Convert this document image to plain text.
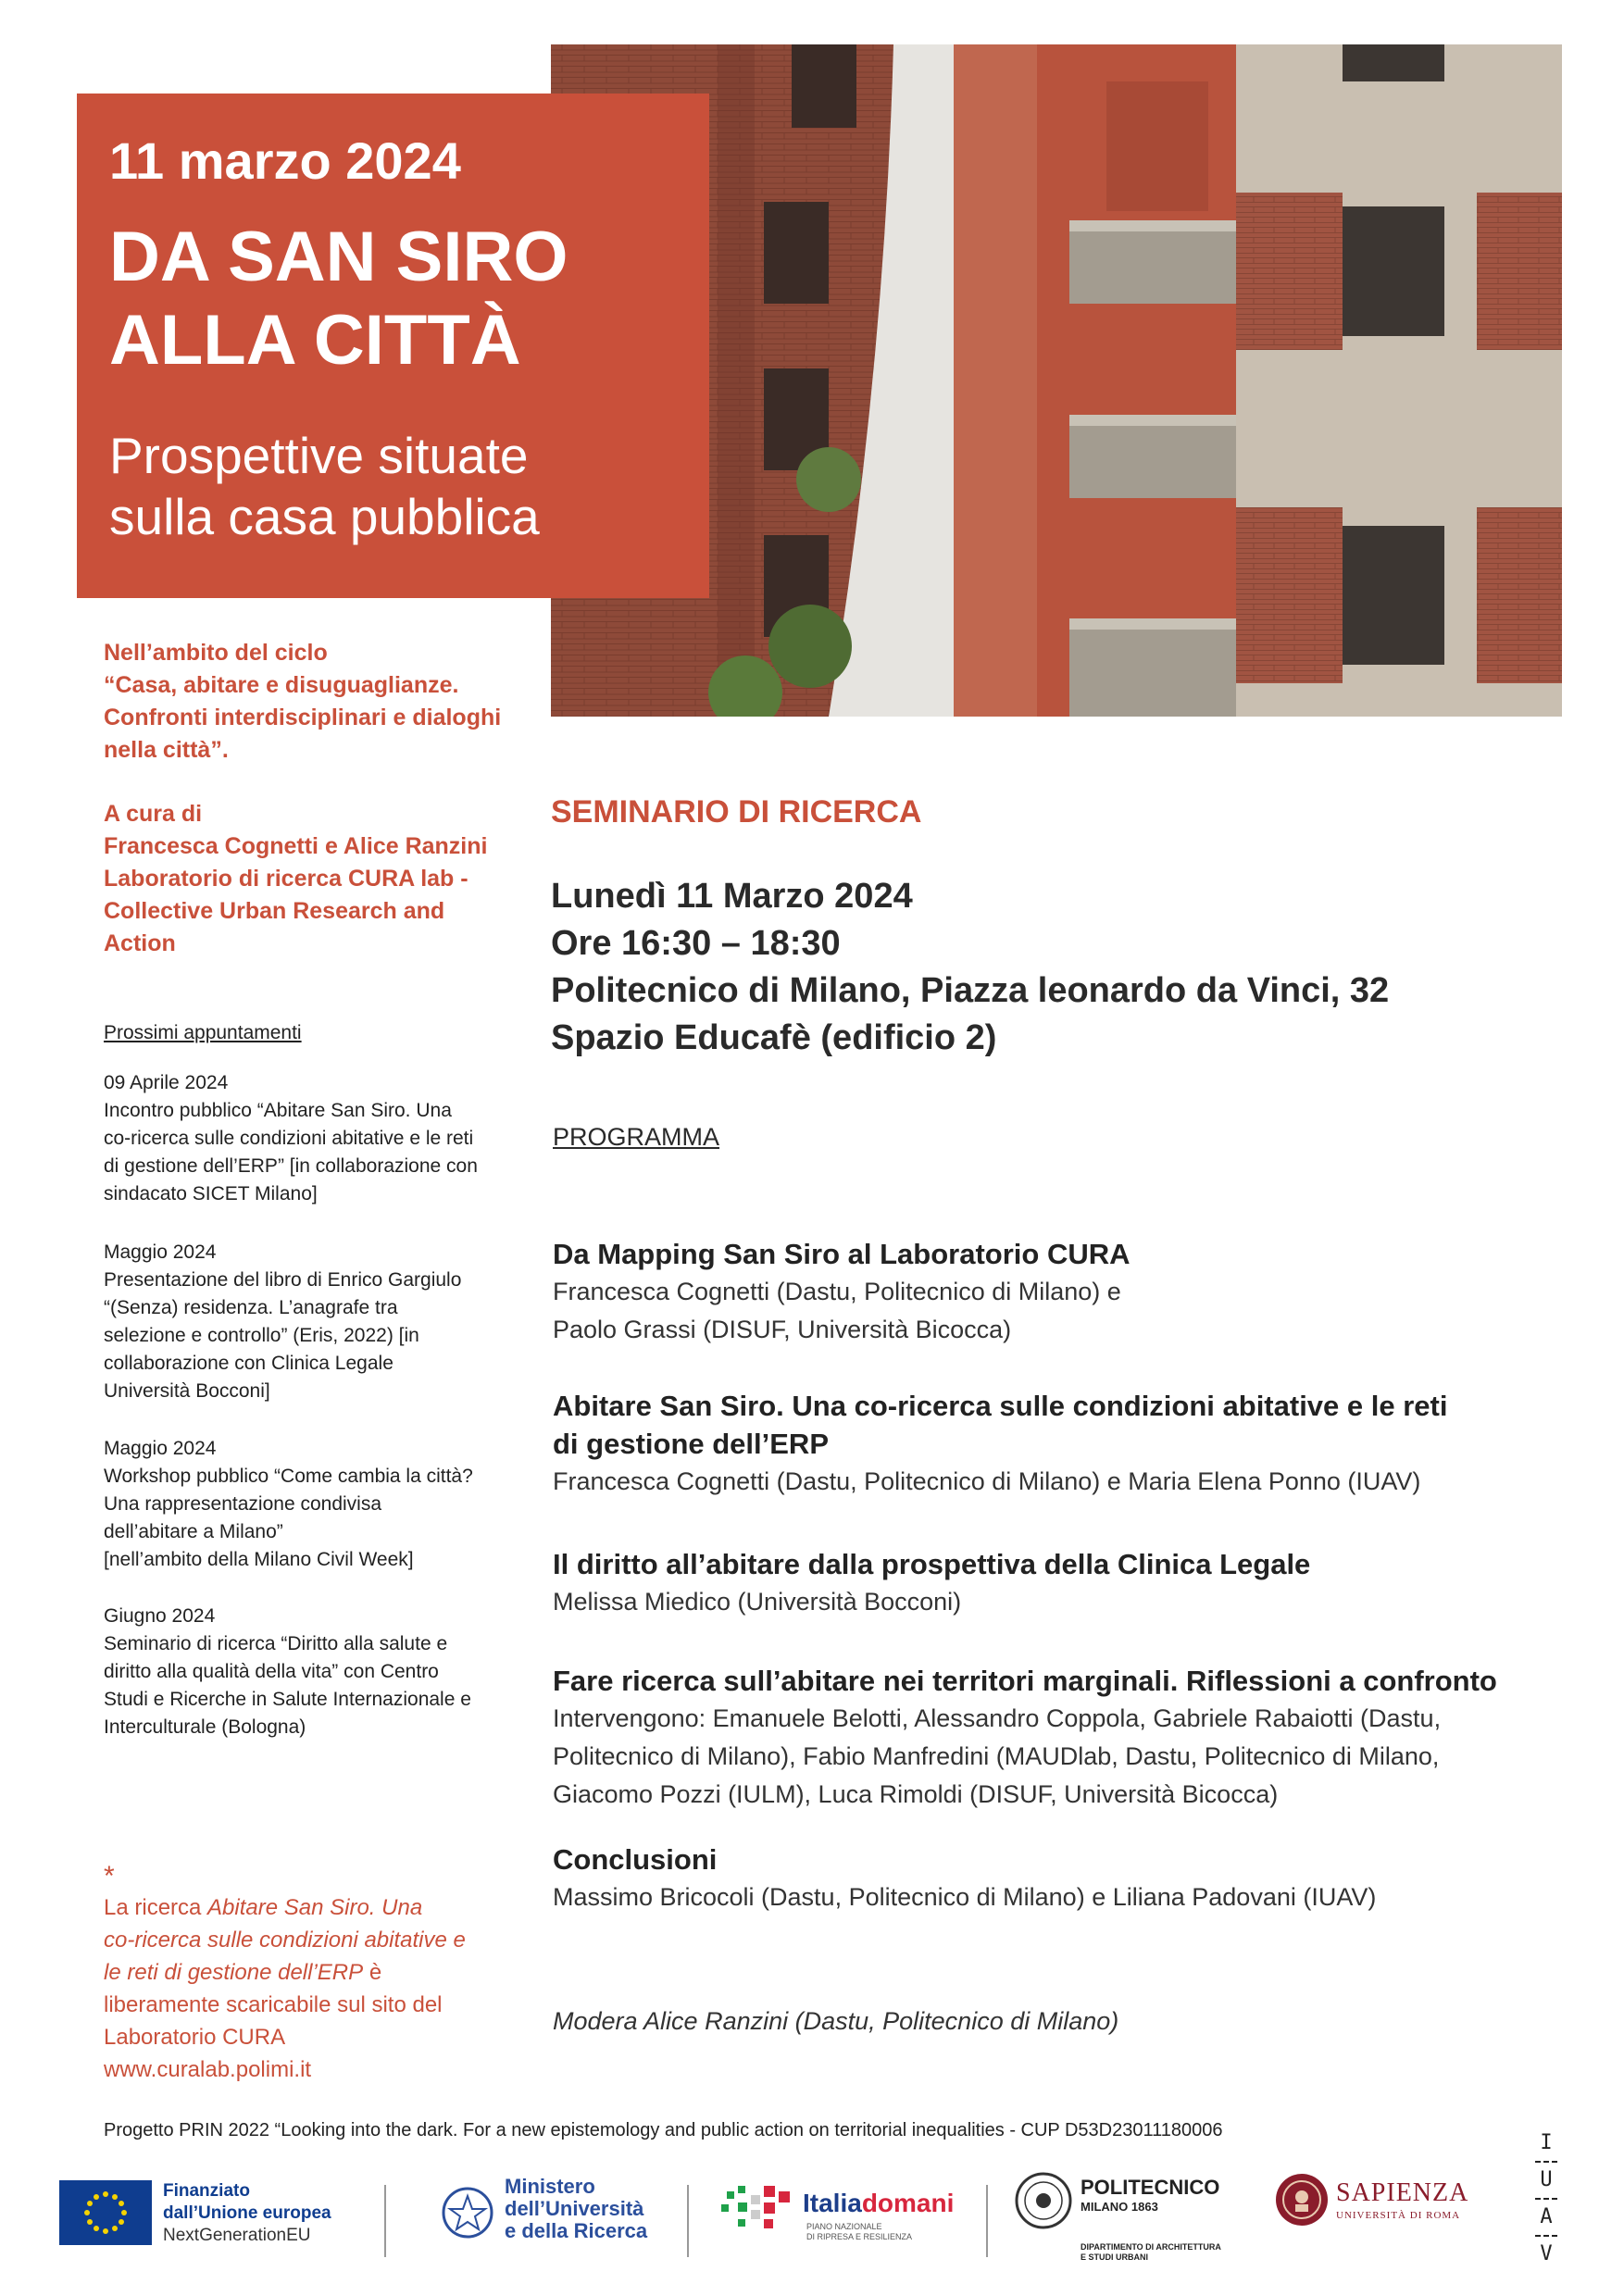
11 marzo 2024
DA SAN SIRO
ALLA CITTÀ
Prospettive situate
sulla casa pubblica
Nell’ambito del ciclo
“Casa, abitare e disuguaglianze.
Confronti interdisciplinari e dialoghi
nella città”.
A cura di
Francesca Cognetti e Alice Ranzini
Laboratorio di ricerca CURA lab -
Collective Urban Research and
Action
Prossimi appuntamenti
09 Aprile 2024
Incontro pubblico “Abitare San Siro. Una
co-ricerca sulle condizioni abitative e le reti
di gestione dell’ERP” [in collaborazione con
sindacato SICET Milano]
Maggio 2024
Presentazione del libro di Enrico Gargiulo
“(Senza) residenza. L’anagrafe tra
selezione e controllo” (Eris, 2022) [in
collaborazione con Clinica Legale
Università Bocconi]
Maggio 2024
Workshop pubblico “Come cambia la città?
Una rappresentazione condivisa
dell’abitare a Milano”
[nell’ambito della Milano Civil Week]
Giugno 2024
Seminario di ricerca “Diritto alla salute e
diritto alla qualità della vita” con Centro
Studi e Ricerche in Salute Internazionale e
Interculturale (Bologna)
*
La ricerca Abitare San Siro. Una
co-ricerca sulle condizioni abitative e
le reti di gestione dell’ERP è
liberamente scaricabile sul sito del
Laboratorio CURA
www.curalab.polimi.it
SEMINARIO DI RICERCA
Lunedì 11 Marzo 2024
Ore 16:30 – 18:30
Politecnico di Milano, Piazza leonardo da Vinci, 32
Spazio Educafè (edificio 2)
PROGRAMMA
Da Mapping San Siro al Laboratorio CURA
Francesca Cognetti (Dastu, Politecnico di Milano) e
Paolo Grassi (DISUF, Università Bicocca)
Abitare San Siro. Una co-ricerca sulle condizioni abitative e le reti
di gestione dell’ERP
Francesca Cognetti (Dastu, Politecnico di Milano) e Maria Elena Ponno (IUAV)
Il diritto all’abitare dalla prospettiva della Clinica Legale
Melissa Miedico (Università Bocconi)
Fare ricerca sull’abitare nei territori marginali. Riflessioni a confronto
Intervengono: Emanuele Belotti, Alessandro Coppola, Gabriele Rabaiotti (Dastu,
Politecnico di Milano), Fabio Manfredini (MAUDlab, Dastu, Politecnico di Milano,
Giacomo Pozzi (IULM), Luca Rimoldi (DISUF, Università Bicocca)
Conclusioni
Massimo Bricocoli (Dastu, Politecnico di Milano) e Liliana Padovani (IUAV)
Modera Alice Ranzini (Dastu, Politecnico di Milano)
Progetto PRIN 2022 “Looking into the dark. For a new epistemology and public action on territorial inequalities - CUP D53D23011180006
Finanziato
dall’Unione europea
NextGenerationEU
Ministero
dell’Università
e della Ricerca
Italiadomani
PIANO NAZIONALE
DI RIPRESA E RESILIENZA
POLITECNICO
MILANO 1863
DIPARTIMENTO DI ARCHITETTURA
E STUDI URBANI
SAPIENZA
UNIVERSITÀ DI ROMA
I
U
A
V
